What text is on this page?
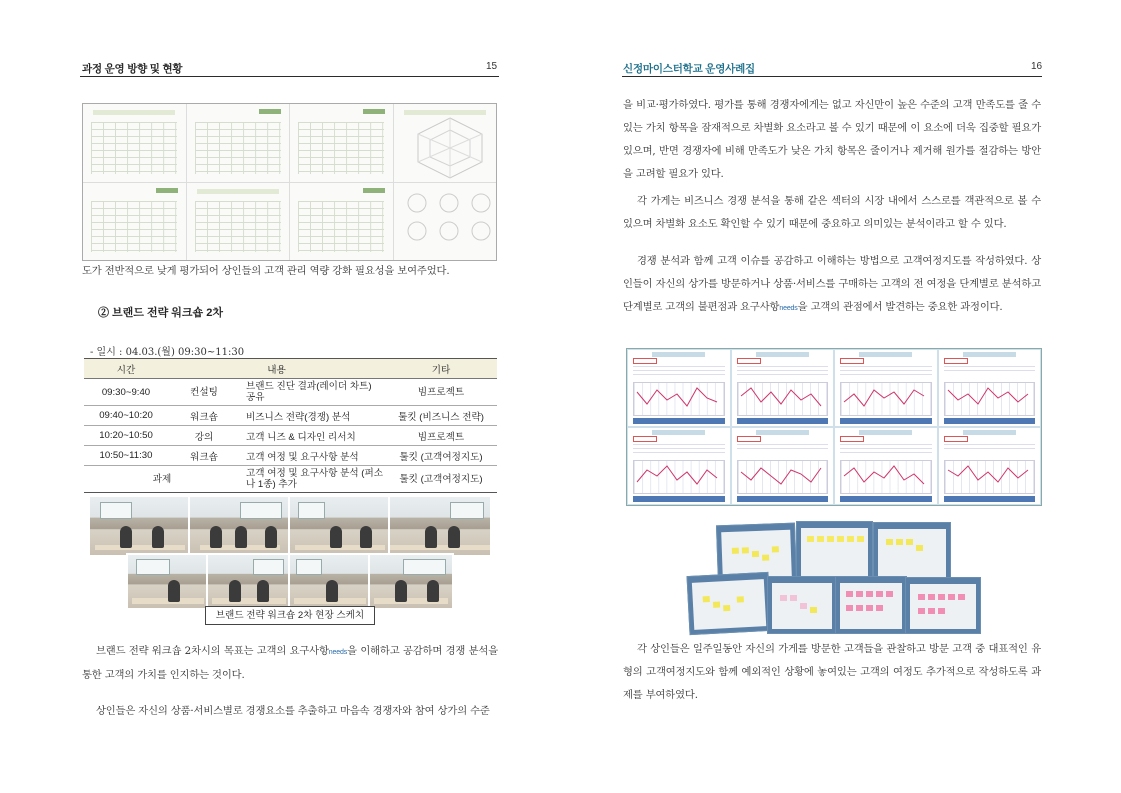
과정 운영 방향 및 현황	15

도가 전반적으로 낮게 평가되어 상인들의 고객 관리 역량 강화 필요성을 보여주었다.

② 브랜드 전략 워크숍 2차
- 일시 : 04.03.(월) 09:30~11:30
시간	내용		기타
09:30~9:40	컨설팅	브랜드 진단 결과(레이더 차트) 공유	빔프로젝트
09:40~10:20	워크숍	비즈니스 전략(경쟁) 분석	툴킷 (비즈니스 전략)
10:20~10:50	강의	고객 니즈 & 디자인 리서치	빔프로젝트
10:50~11:30	워크숍	고객 여정 및 요구사항 분석	툴킷 (고객여정지도)
과제		고객 여정 및 요구사항 분석 (퍼소나 1종) 추가	툴킷 (고객여정지도)
브랜드 전략 워크숍 2차 현장 스케치

브랜드 전략 워크숍 2차시의 목표는 고객의 요구사항needs을 이해하고 공감하며 경쟁 분석을 통한 고객의 가치를 인지하는 것이다.

상인들은 자신의 상품·서비스별로 경쟁요소를 추출하고 마음속 경쟁자와 참여 상가의 수준

신정마이스터학교 운영사례집	16

을 비교·평가하였다. 평가를 통해 경쟁자에게는 없고 자신만이 높은 수준의 고객 만족도를 줄 수 있는 가치 항목을 잠재적으로 차별화 요소라고 볼 수 있기 때문에 이 요소에 더욱 집중할 필요가 있으며, 반면 경쟁자에 비해 만족도가 낮은 가치 항목은 줄이거나 제거해 원가를 절감하는 방안을 고려할 필요가 있다.

각 가게는 비즈니스 경쟁 분석을 통해 같은 섹터의 시장 내에서 스스로를 객관적으로 볼 수 있으며 차별화 요소도 확인할 수 있기 때문에 중요하고 의미있는 분석이라고 할 수 있다.

경쟁 분석과 함께 고객 이슈를 공감하고 이해하는 방법으로 고객여정지도를 작성하였다. 상인들이 자신의 상가를 방문하거나 상품·서비스를 구매하는 고객의 전 여정을 단계별로 분석하고 단계별로 고객의 불편점과 요구사항needs을 고객의 관점에서 발견하는 중요한 과정이다.

각 상인들은 일주일동안 자신의 가게를 방문한 고객들을 관찰하고 방문 고객 중 대표적인 유형의 고객여정지도와 함께 예외적인 상황에 놓여있는 고객의 여정도 추가적으로 작성하도록 과제를 부여하였다.
